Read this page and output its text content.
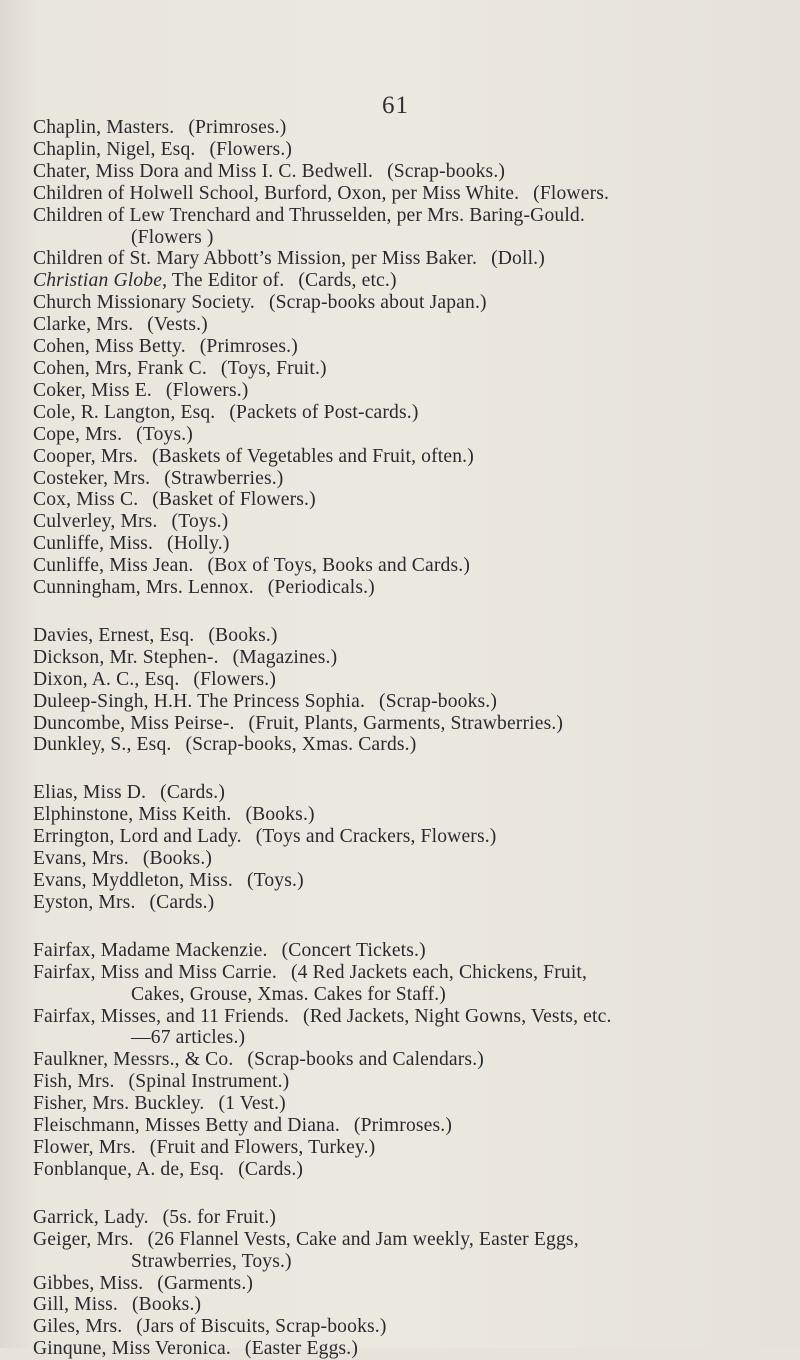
61
Chaplin, Masters. (Primroses.)
Chaplin, Nigel, Esq. (Flowers.)
Chater, Miss Dora and Miss I. C. Bedwell. (Scrap-books.)
Children of Holwell School, Burford, Oxon, per Miss White. (Flowers.
Children of Lew Trenchard and Thrusselden, per Mrs. Baring-Gould.
(Flowers )
Children of St. Mary Abbott’s Mission, per Miss Baker. (Doll.)
Christian Globe, The Editor of. (Cards, etc.)
Church Missionary Society. (Scrap-books about Japan.)
Clarke, Mrs. (Vests.)
Cohen, Miss Betty. (Primroses.)
Cohen, Mrs, Frank C. (Toys, Fruit.)
Coker, Miss E. (Flowers.)
Cole, R. Langton, Esq. (Packets of Post-cards.)
Cope, Mrs. (Toys.)
Cooper, Mrs. (Baskets of Vegetables and Fruit, often.)
Costeker, Mrs. (Strawberries.)
Cox, Miss C. (Basket of Flowers.)
Culverley, Mrs. (Toys.)
Cunliffe, Miss. (Holly.)
Cunliffe, Miss Jean. (Box of Toys, Books and Cards.)
Cunningham, Mrs. Lennox. (Periodicals.)
Davies, Ernest, Esq. (Books.)
Dickson, Mr. Stephen-. (Magazines.)
Dixon, A. C., Esq. (Flowers.)
Duleep-Singh, H.H. The Princess Sophia. (Scrap-books.)
Duncombe, Miss Peirse-. (Fruit, Plants, Garments, Strawberries.)
Dunkley, S., Esq. (Scrap-books, Xmas. Cards.)
Elias, Miss D. (Cards.)
Elphinstone, Miss Keith. (Books.)
Errington, Lord and Lady. (Toys and Crackers, Flowers.)
Evans, Mrs. (Books.)
Evans, Myddleton, Miss. (Toys.)
Eyston, Mrs. (Cards.)
Fairfax, Madame Mackenzie. (Concert Tickets.)
Fairfax, Miss and Miss Carrie. (4 Red Jackets each, Chickens, Fruit,
Cakes, Grouse, Xmas. Cakes for Staff.)
Fairfax, Misses, and 11 Friends. (Red Jackets, Night Gowns, Vests, etc.
—67 articles.)
Faulkner, Messrs., & Co. (Scrap-books and Calendars.)
Fish, Mrs. (Spinal Instrument.)
Fisher, Mrs. Buckley. (1 Vest.)
Fleischmann, Misses Betty and Diana. (Primroses.)
Flower, Mrs. (Fruit and Flowers, Turkey.)
Fonblanque, A. de, Esq. (Cards.)
Garrick, Lady. (5s. for Fruit.)
Geiger, Mrs. (26 Flannel Vests, Cake and Jam weekly, Easter Eggs,
Strawberries, Toys.)
Gibbes, Miss. (Garments.)
Gill, Miss. (Books.)
Giles, Mrs. (Jars of Biscuits, Scrap-books.)
Ginqune, Miss Veronica. (Easter Eggs.)
